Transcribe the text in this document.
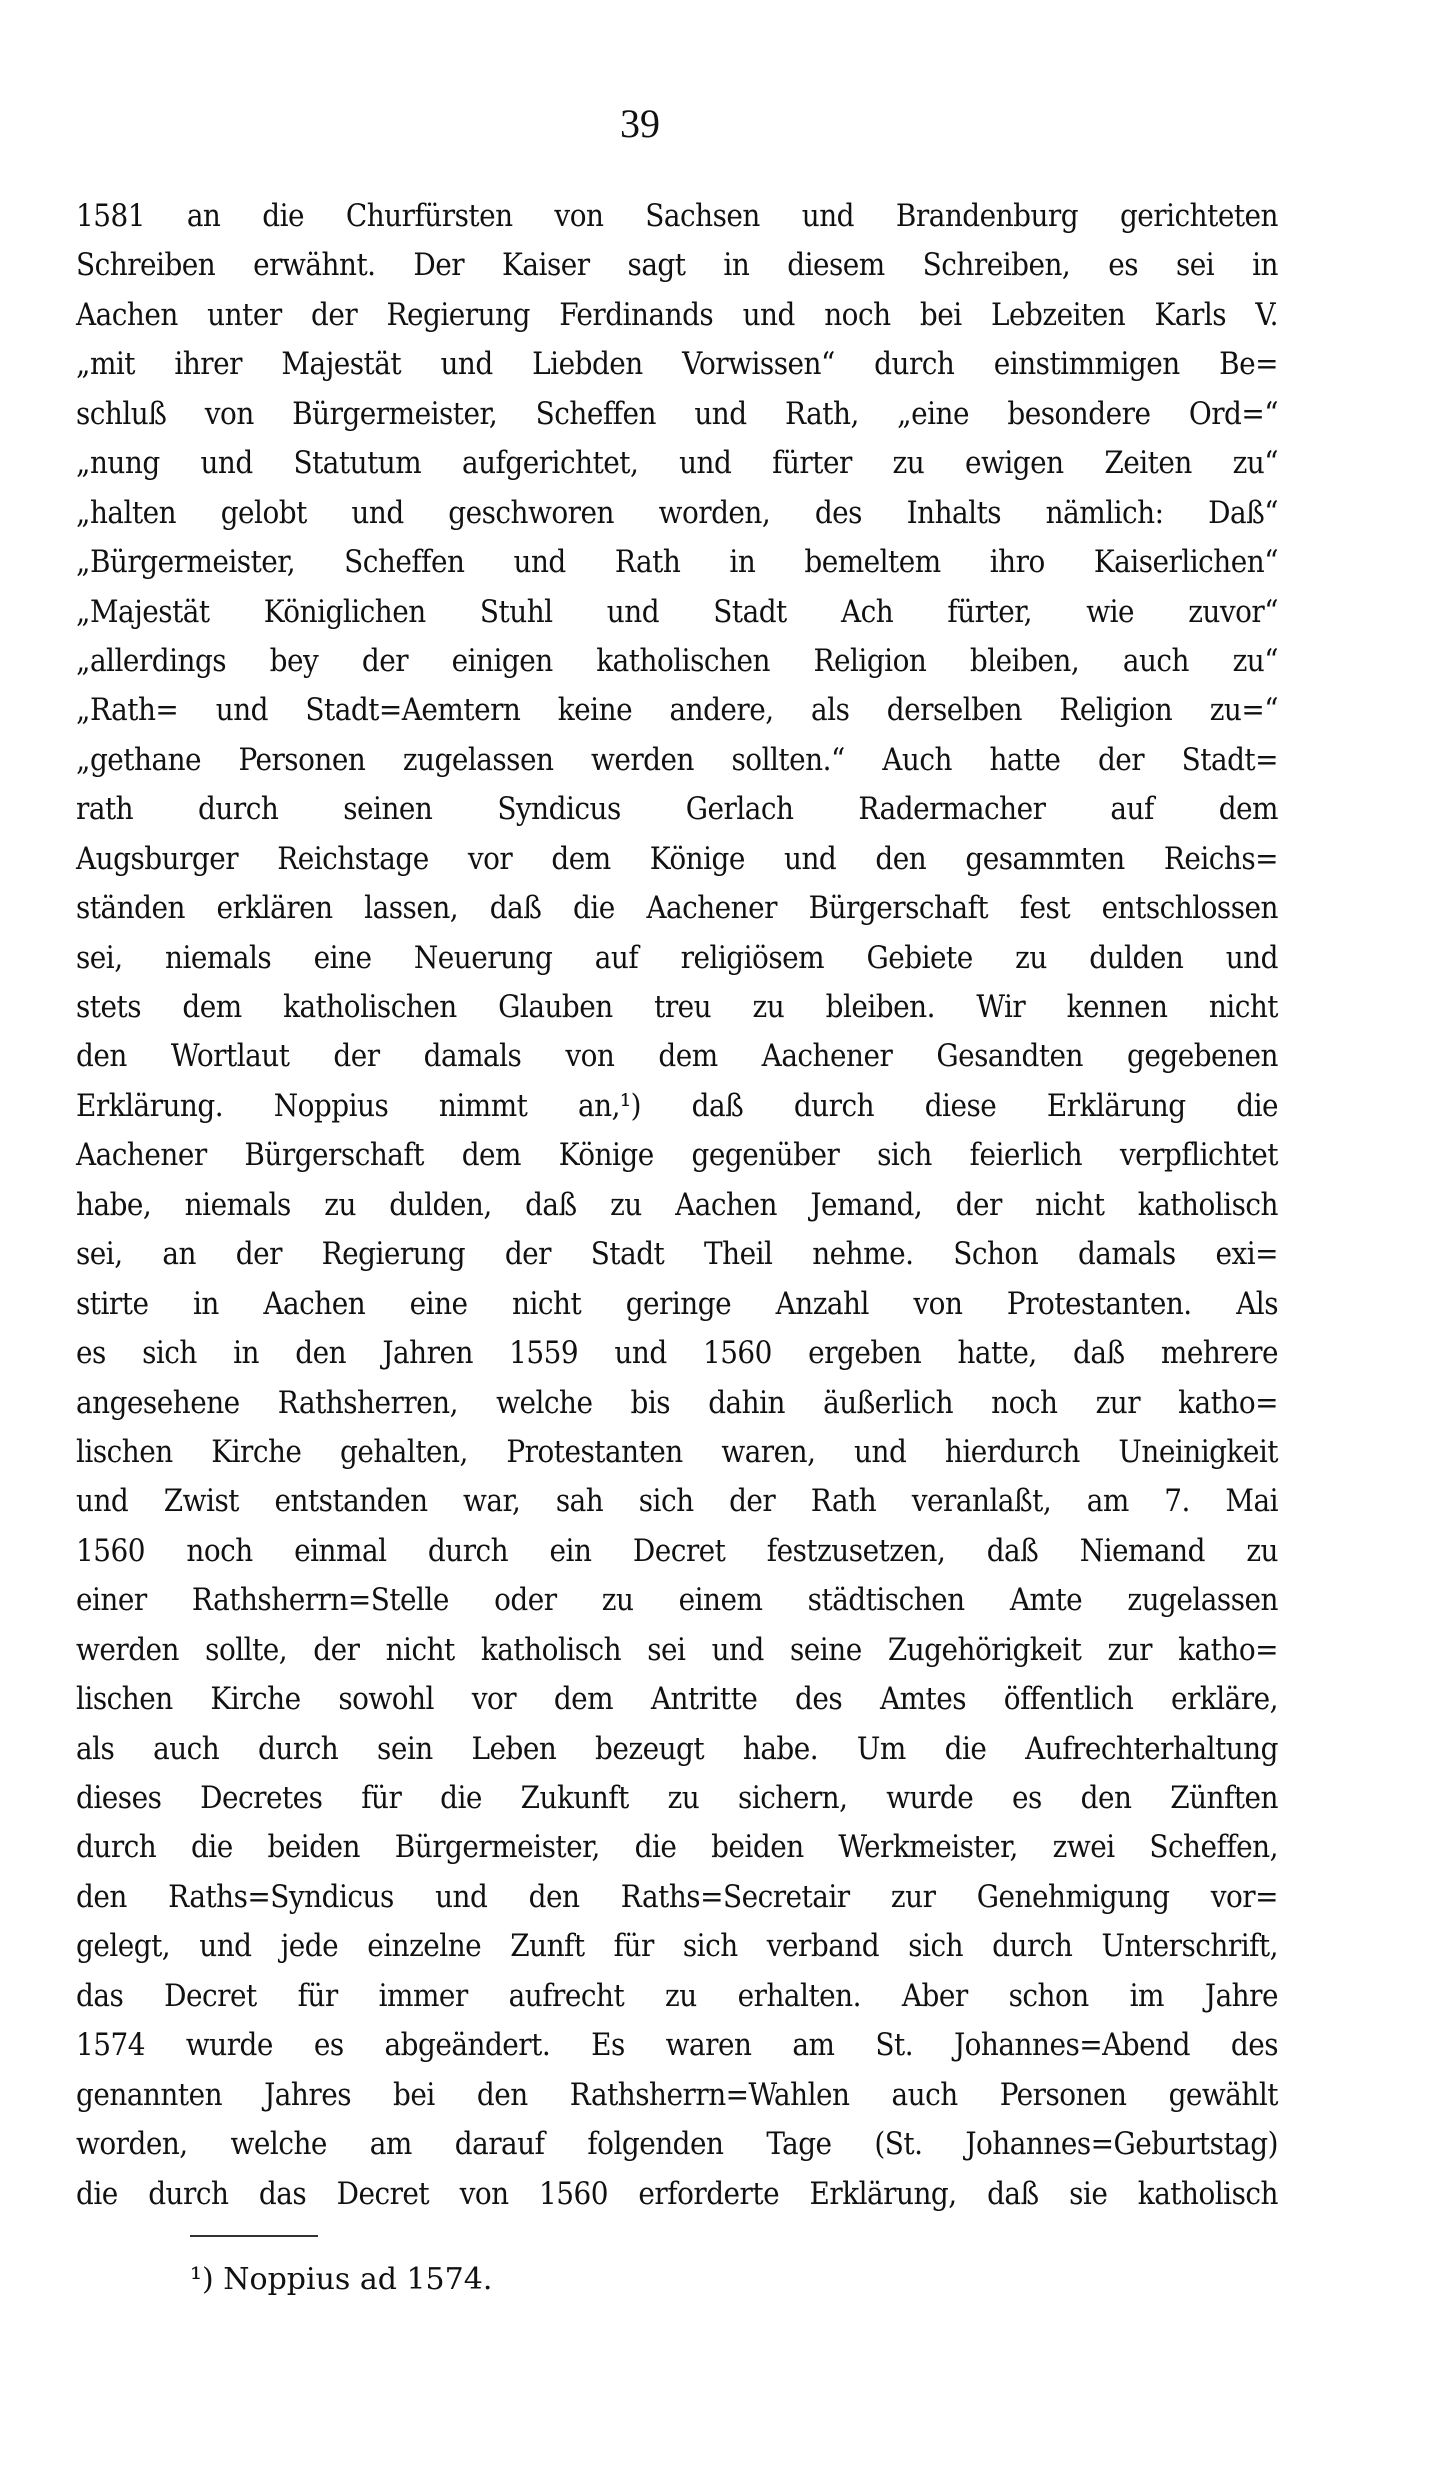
39
1581 an die Churfürsten von Sachsen und Brandenburg gerichteten
Schreiben erwähnt. Der Kaiser sagt in diesem Schreiben, es sei in
Aachen unter der Regierung Ferdinands und noch bei Lebzeiten Karls V.
„mit ihrer Majestät und Liebden Vorwissen“ durch einstimmigen Be=
schluß von Bürgermeister, Scheffen und Rath, „eine besondere Ord=“
„nung und Statutum aufgerichtet, und fürter zu ewigen Zeiten zu“
„halten gelobt und geschworen worden, des Inhalts nämlich: Daß“
„Bürgermeister, Scheffen und Rath in bemeltem ihro Kaiserlichen“
„Majestät Königlichen Stuhl und Stadt Ach fürter, wie zuvor“
„allerdings bey der einigen katholischen Religion bleiben, auch zu“
„Rath= und Stadt=Aemtern keine andere, als derselben Religion zu=“
„gethane Personen zugelassen werden sollten.“ Auch hatte der Stadt=
rath durch seinen Syndicus Gerlach Radermacher auf dem
Augsburger Reichstage vor dem Könige und den gesammten Reichs=
ständen erklären lassen, daß die Aachener Bürgerschaft fest entschlossen
sei, niemals eine Neuerung auf religiösem Gebiete zu dulden und
stets dem katholischen Glauben treu zu bleiben. Wir kennen nicht
den Wortlaut der damals von dem Aachener Gesandten gegebenen
Erklärung. Noppius nimmt an,¹) daß durch diese Erklärung die
Aachener Bürgerschaft dem Könige gegenüber sich feierlich verpflichtet
habe, niemals zu dulden, daß zu Aachen Jemand, der nicht katholisch
sei, an der Regierung der Stadt Theil nehme. Schon damals exi=
stirte in Aachen eine nicht geringe Anzahl von Protestanten. Als
es sich in den Jahren 1559 und 1560 ergeben hatte, daß mehrere
angesehene Rathsherren, welche bis dahin äußerlich noch zur katho=
lischen Kirche gehalten, Protestanten waren, und hierdurch Uneinigkeit
und Zwist entstanden war, sah sich der Rath veranlaßt, am 7. Mai
1560 noch einmal durch ein Decret festzusetzen, daß Niemand zu
einer Rathsherrn=Stelle oder zu einem städtischen Amte zugelassen
werden sollte, der nicht katholisch sei und seine Zugehörigkeit zur katho=
lischen Kirche sowohl vor dem Antritte des Amtes öffentlich erkläre,
als auch durch sein Leben bezeugt habe. Um die Aufrechterhaltung
dieses Decretes für die Zukunft zu sichern, wurde es den Zünften
durch die beiden Bürgermeister, die beiden Werkmeister, zwei Scheffen,
den Raths=Syndicus und den Raths=Secretair zur Genehmigung vor=
gelegt, und jede einzelne Zunft für sich verband sich durch Unterschrift,
das Decret für immer aufrecht zu erhalten. Aber schon im Jahre
1574 wurde es abgeändert. Es waren am St. Johannes=Abend des
genannten Jahres bei den Rathsherrn=Wahlen auch Personen gewählt
worden, welche am darauf folgenden Tage (St. Johannes=Geburtstag)
die durch das Decret von 1560 erforderte Erklärung, daß sie katholisch
¹) Noppius ad 1574.
